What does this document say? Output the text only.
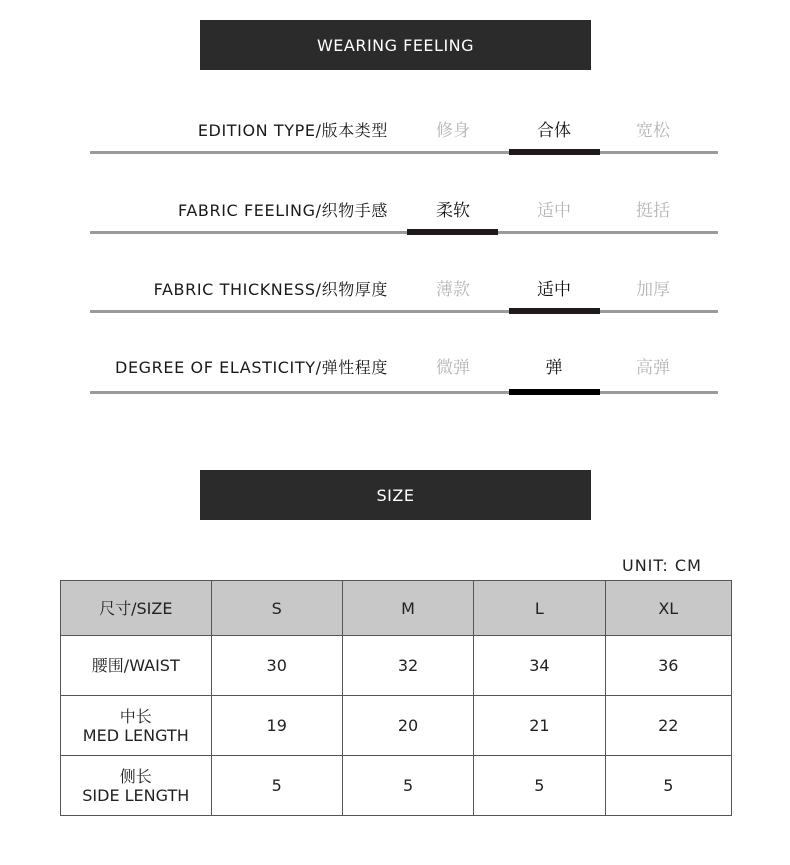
WEARING FEELING
EDITION TYPE/版本类型	修身	合体	宽松
FABRIC FEELING/织物手感	柔软	适中	挺括
FABRIC THICKNESS/织物厚度	薄款	适中	加厚
DEGREE OF ELASTICITY/弹性程度	微弹	弹	高弹
SIZE
UNIT: CM
尺寸/SIZE	S	M	L	XL

腰围/WAIST	30	32	34	36

中长
MED LENGTH	19	20	21	22

侧长
SIDE LENGTH	5	5	5	5
